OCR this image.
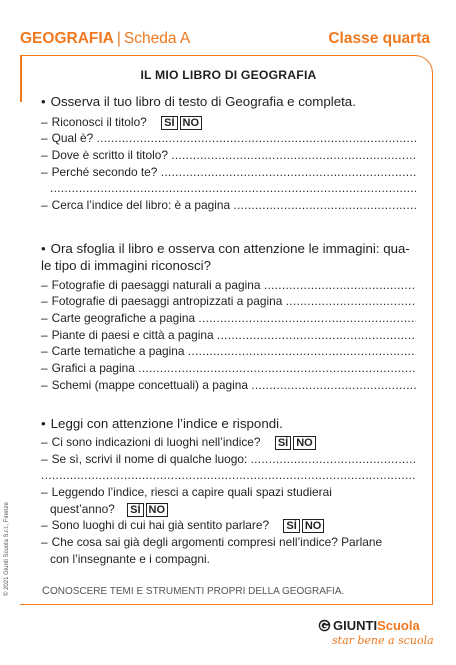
GEOGRAFIA | Scheda A	Classe quarta
IL MIO LIBRO DI GEOGRAFIA
• Osserva il tuo libro di testo di Geografia e completa.
– Riconosci il titolo? SÌ NO
– Qual è?

.....
– Dove è scritto il titolo?

.....
– Perché secondo te?

.....
.....
– Cerca l’indice del libro: è a pagina

.....
• Ora sfoglia il libro e osserva con attenzione le immagini: qua-
le tipo di immagini riconosci?
– Fotografie di paesaggi naturali a pagina

.....
– Fotografie di paesaggi antropizzati a pagina

.....
– Carte geografiche a pagina

.....
– Piante di paesi e città a pagina

.....
– Carte tematiche a pagina

.....
– Grafici a pagina

.....
– Schemi (mappe concettuali) a pagina

.....
• Leggi con attenzione l’indice e rispondi.
– Ci sono indicazioni di luoghi nell’indice? SÌ NO
– Se sì, scrivi il nome di qualche luogo:

.....
.....
– Leggendo l’indice, riesci a capire quali spazi studierai
quest’anno? SÌ NO
– Sono luoghi di cui hai già sentito parlare? SÌ NO
– Che cosa sai già degli argomenti compresi nell’indice? Parlane
con l’insegnante e i compagni.
CONOSCERE TEMI E STRUMENTI PROPRI DELLA GEOGRAFIA.
© 2021 Giunti Scuola S.r.l., Firenze
GIUNTIScuola
star bene a scuola
